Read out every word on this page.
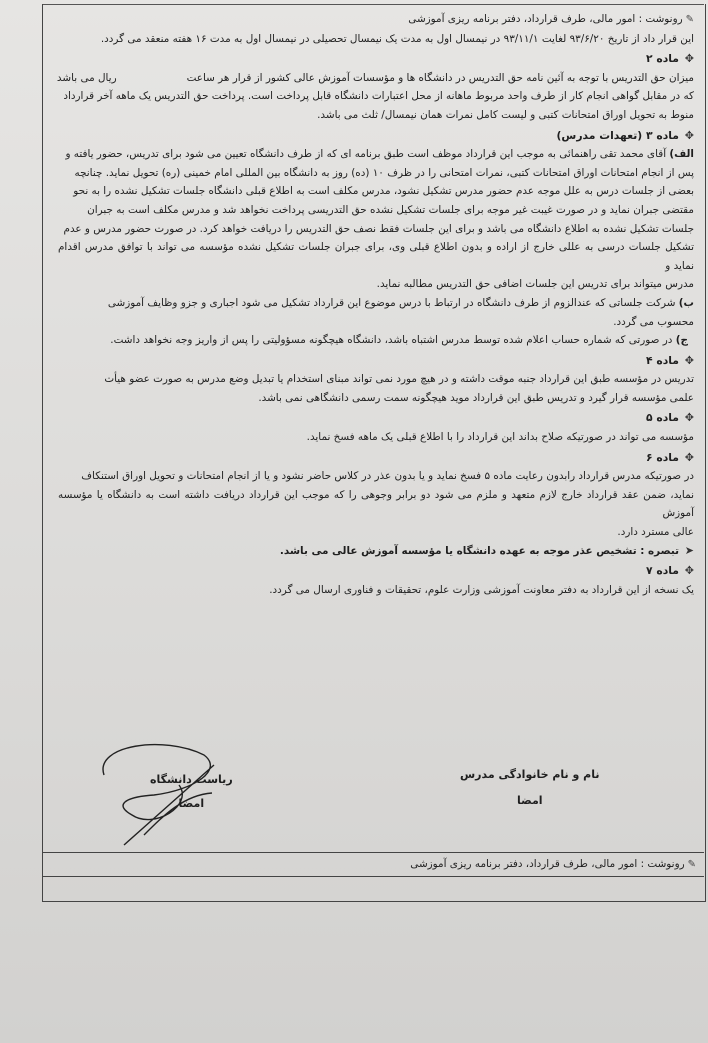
✎رونوشت : امور مالی، طرف قرارداد، دفتر برنامه ریزی آموزشی

این قرار داد از تاریخ ۹۳/۶/۲۰ لغایت ۹۳/۱۱/۱ در نیمسال اول به مدت یک نیمسال تحصیلی در نیمسال اول به مدت ۱۶ هفته منعقد می گردد.

✥ماده ۲
میزان حق التدریس با توجه به آئین نامه حق التدریس در دانشگاه ها و مؤسسات آموزش عالی کشور از قرار هر ساعتریال می باشد

که در مقابل گواهی انجام کار از طرف واحد مربوط ماهانه از محل اعتبارات دانشگاه قابل پرداخت است. پرداخت حق التدریس یک ماهه آخر قرارداد

منوط به تحویل اوراق امتحانات کتبی و لیست کامل نمرات همان نیمسال/ ثلث می باشد.

✥ماده ۳ (تعهدات مدرس)

الف) آقای محمد تقی راهنمائی به موجب این قرارداد موظف است طبق برنامه ای که از طرف دانشگاه تعیین می شود برای تدریس، حضور یافته و

پس از انجام امتحانات اوراق امتحانات کتبی، نمرات امتحانی را در ظرف ۱۰ (ده) روز به دانشگاه بین المللی امام خمینی (ره) تحویل نماید. چنانچه

بعضی از جلسات درس به علل موجه عدم حضور مدرس تشکیل نشود، مدرس مکلف است به اطلاع قبلی دانشگاه جلسات تشکیل نشده را به نحو

مقتضی جبران نماید و در صورت غیبت غیر موجه برای جلسات تشکیل نشده حق التدریسی پرداخت نخواهد شد و مدرس مکلف است به جبران

جلسات تشکیل نشده به اطلاع دانشگاه می باشد و برای این جلسات فقط نصف حق التدریس را دریافت خواهد کرد. در صورت حضور مدرس و عدم

تشکیل جلسات درسی به عللی خارج از اراده و بدون اطلاع قبلی وی، برای جبران جلسات تشکیل نشده مؤسسه می تواند با توافق مدرس اقدام نماید و

مدرس میتواند برای تدریس این جلسات اضافی حق التدریس مطالبه نماید.

ب) شرکت جلساتی که عندالزوم از طرف دانشگاه در ارتباط با درس موضوع این قرارداد تشکیل می شود اجباری و جزو وظایف آموزشی

محسوب می گردد.

ج) در صورتی که شماره حساب اعلام شده توسط مدرس اشتباه باشد، دانشگاه هیچگونه مسؤولیتی را پس از واریز وجه نخواهد داشت.

✥ماده ۴

تدریس در مؤسسه طبق این قرارداد جنبه موقت داشته و در هیچ مورد نمی تواند مبنای استخدام یا تبدیل وضع مدرس به صورت عضو هیأت

علمی مؤسسه قرار گیرد و تدریس طبق این قرارداد موید هیچگونه سمت رسمی دانشگاهی نمی باشد.

✥ماده ۵

مؤسسه می تواند در صورتیکه صلاح بداند این قرارداد را با اطلاع قبلی یک ماهه فسخ نماید.

✥ماده ۶

در صورتیکه مدرس قرارداد رابدون رعایت ماده ۵ فسخ نماید و یا بدون عذر در کلاس حاضر نشود و یا از انجام امتحانات و تحویل اوراق استنکاف

نماید، ضمن عقد قرارداد خارج لازم متعهد و ملزم می شود دو برابر وجوهی را که موجب این قرارداد دریافت داشته است به دانشگاه یا مؤسسه آموزش

عالی مسترد دارد.

➤تبصره : تشخیص عذر موجه به عهده دانشگاه یا مؤسسه آموزش عالی می باشد.
✥ماده ۷

یک نسخه از این قرارداد به دفتر معاونت آموزشی وزارت علوم، تحقیقات و فناوری ارسال می گردد.

ریاست دانشگاه
امضا
نام و نام خانوادگی مدرس
امضا
✎رونوشت : امور مالی، طرف قرارداد، دفتر برنامه ریزی آموزشی
